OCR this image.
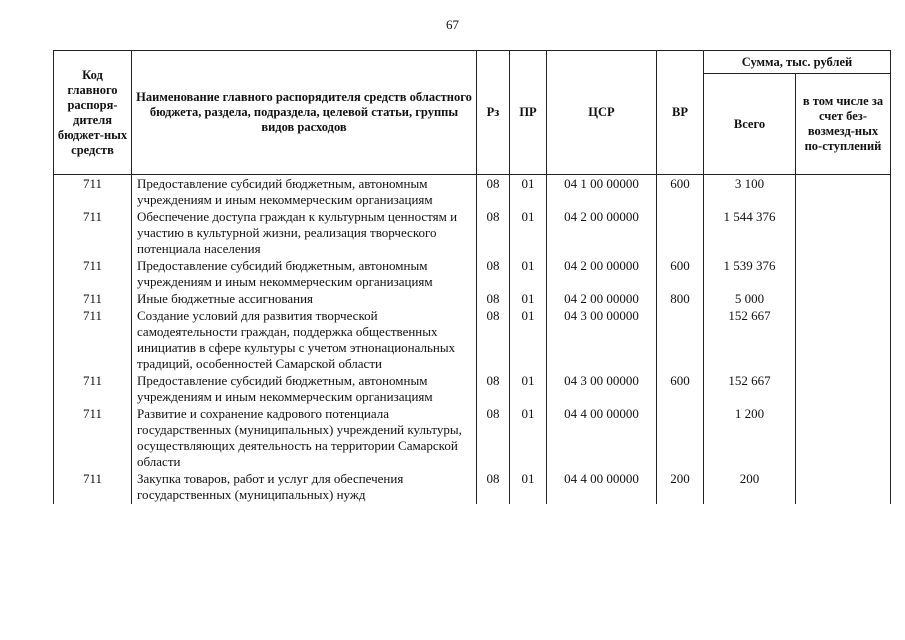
67
Код главного распоря-дителя бюджет-ных средств	Наименование главного распорядителя средств областного бюджета, раздела, подраздела, целевой статьи, группы видов расходов	Рз	ПР	ЦСР	ВР	Сумма, тыс. рублей	
						Всего	в том числе за счет без-возмезд-ных по-ступлений
711	Предоставление субсидий бюджетным, автономным учреждениям и иным некоммерческим организациям	08	01	04 1 00 00000	600	3 100	
711	Обеспечение доступа граждан к культурным ценностям и участию в культурной жизни, реализация творческого потенциала населения	08	01	04 2 00 00000		1 544 376	
711	Предоставление субсидий бюджетным, автономным учреждениям и иным некоммерческим организациям	08	01	04 2 00 00000	600	1 539 376	
711	Иные бюджетные ассигнования	08	01	04 2 00 00000	800	5 000	
711	Создание условий для развития творческой самодеятельности граждан, поддержка общественных инициатив в сфере культуры с учетом этнонациональных традиций, особенностей Самарской области	08	01	04 3 00 00000		152 667	
711	Предоставление субсидий бюджетным, автономным учреждениям и иным некоммерческим организациям	08	01	04 3 00 00000	600	152 667	
711	Развитие и сохранение кадрового потенциала государственных (муниципальных) учреждений культуры, осуществляющих деятельность на территории Самарской области	08	01	04 4 00 00000		1 200	
711	Закупка товаров, работ и услуг для обеспечения государственных (муниципальных) нужд	08	01	04 4 00 00000	200	200	
